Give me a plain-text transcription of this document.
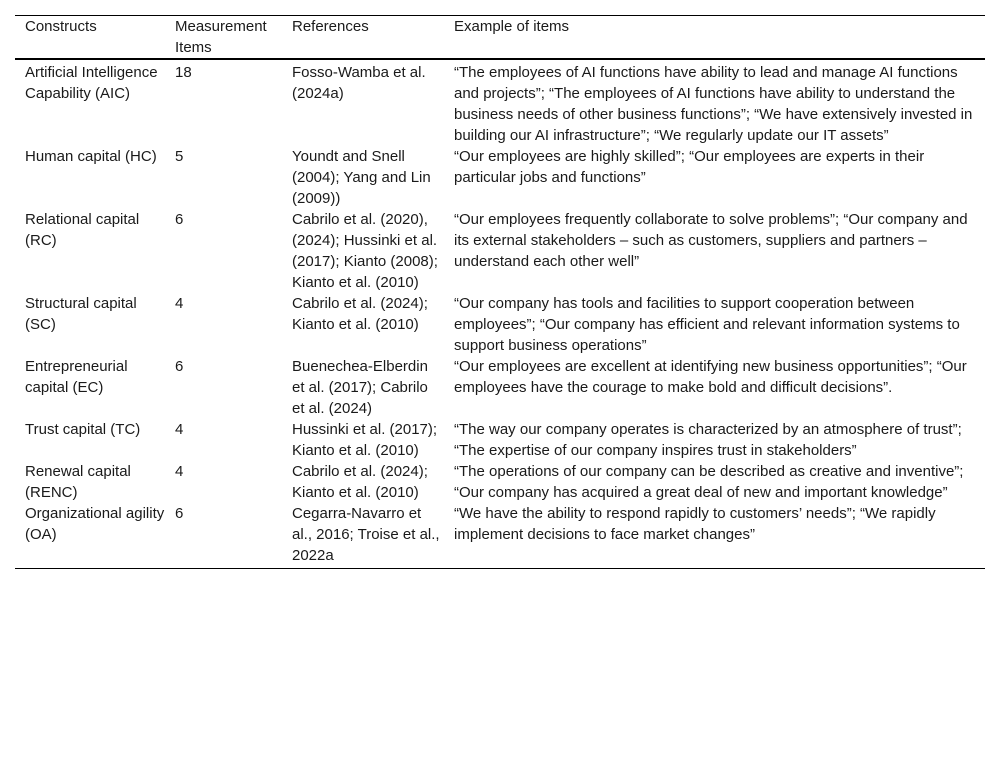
Constructs	Measurement Items	References	Example of items
Artificial Intelligence Capability (AIC)	18	Fosso-Wamba et al. (2024a)	“The employees of AI functions have ability to lead and manage AI functions and projects”; “The employees of AI functions have ability to understand the business needs of other business functions”; “We have extensively invested in building our AI infrastructure”; “We regularly update our IT assets”
Human capital (HC)	5	Youndt and Snell (2004); Yang and Lin (2009))	“Our employees are highly skilled”; “Our employees are experts in their particular jobs and functions”
Relational capital (RC)	6	Cabrilo et al. (2020), (2024); Hussinki et al. (2017); Kianto (2008); Kianto et al. (2010)	“Our employees frequently collaborate to solve problems”; “Our company and its external stakeholders – such as customers, suppliers and partners – understand each other well”
Structural capital (SC)	4	Cabrilo et al. (2024); Kianto et al. (2010)	“Our company has tools and facilities to support cooperation between employees”; “Our company has efficient and relevant information systems to support business operations”
Entrepreneurial capital (EC)	6	Buenechea-Elberdin et al. (2017); Cabrilo et al. (2024)	“Our employees are excellent at identifying new business opportunities”; “Our employees have the courage to make bold and difficult decisions”.
Trust capital (TC)	4	Hussinki et al. (2017); Kianto et al. (2010)	“The way our company operates is characterized by an atmosphere of trust”; “The expertise of our company inspires trust in stakeholders”
Renewal capital (RENC)	4	Cabrilo et al. (2024); Kianto et al. (2010)	“The operations of our company can be described as creative and inventive”; “Our company has acquired a great deal of new and important knowledge”
Organizational agility (OA)	6	Cegarra-Navarro et al., 2016; Troise et al., 2022a	“We have the ability to respond rapidly to customers’ needs”; “We rapidly implement decisions to face market changes”
